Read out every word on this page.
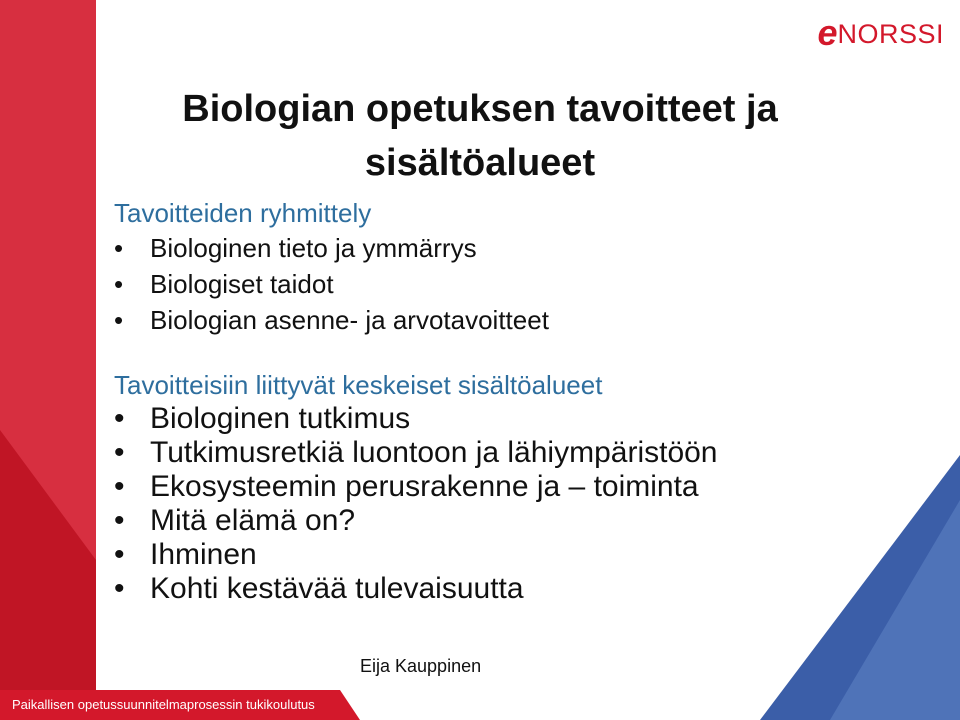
e NORSSI
Biologian opetuksen tavoitteet ja sisältöalueet
Tavoitteiden ryhmittely
• Biologinen tieto ja ymmärrys
• Biologiset taidot
• Biologian asenne- ja arvotavoitteet
Tavoitteisiin liittyvät keskeiset sisältöalueet
• Biologinen tutkimus
• Tutkimusretkiä luontoon ja lähiympäristöön
• Ekosysteemin perusrakenne ja – toiminta
• Mitä elämä on?
• Ihminen
• Kohti kestävää tulevaisuutta
Eija Kauppinen
Paikallisen opetussuunnitelmaprosessin tukikoulutus
